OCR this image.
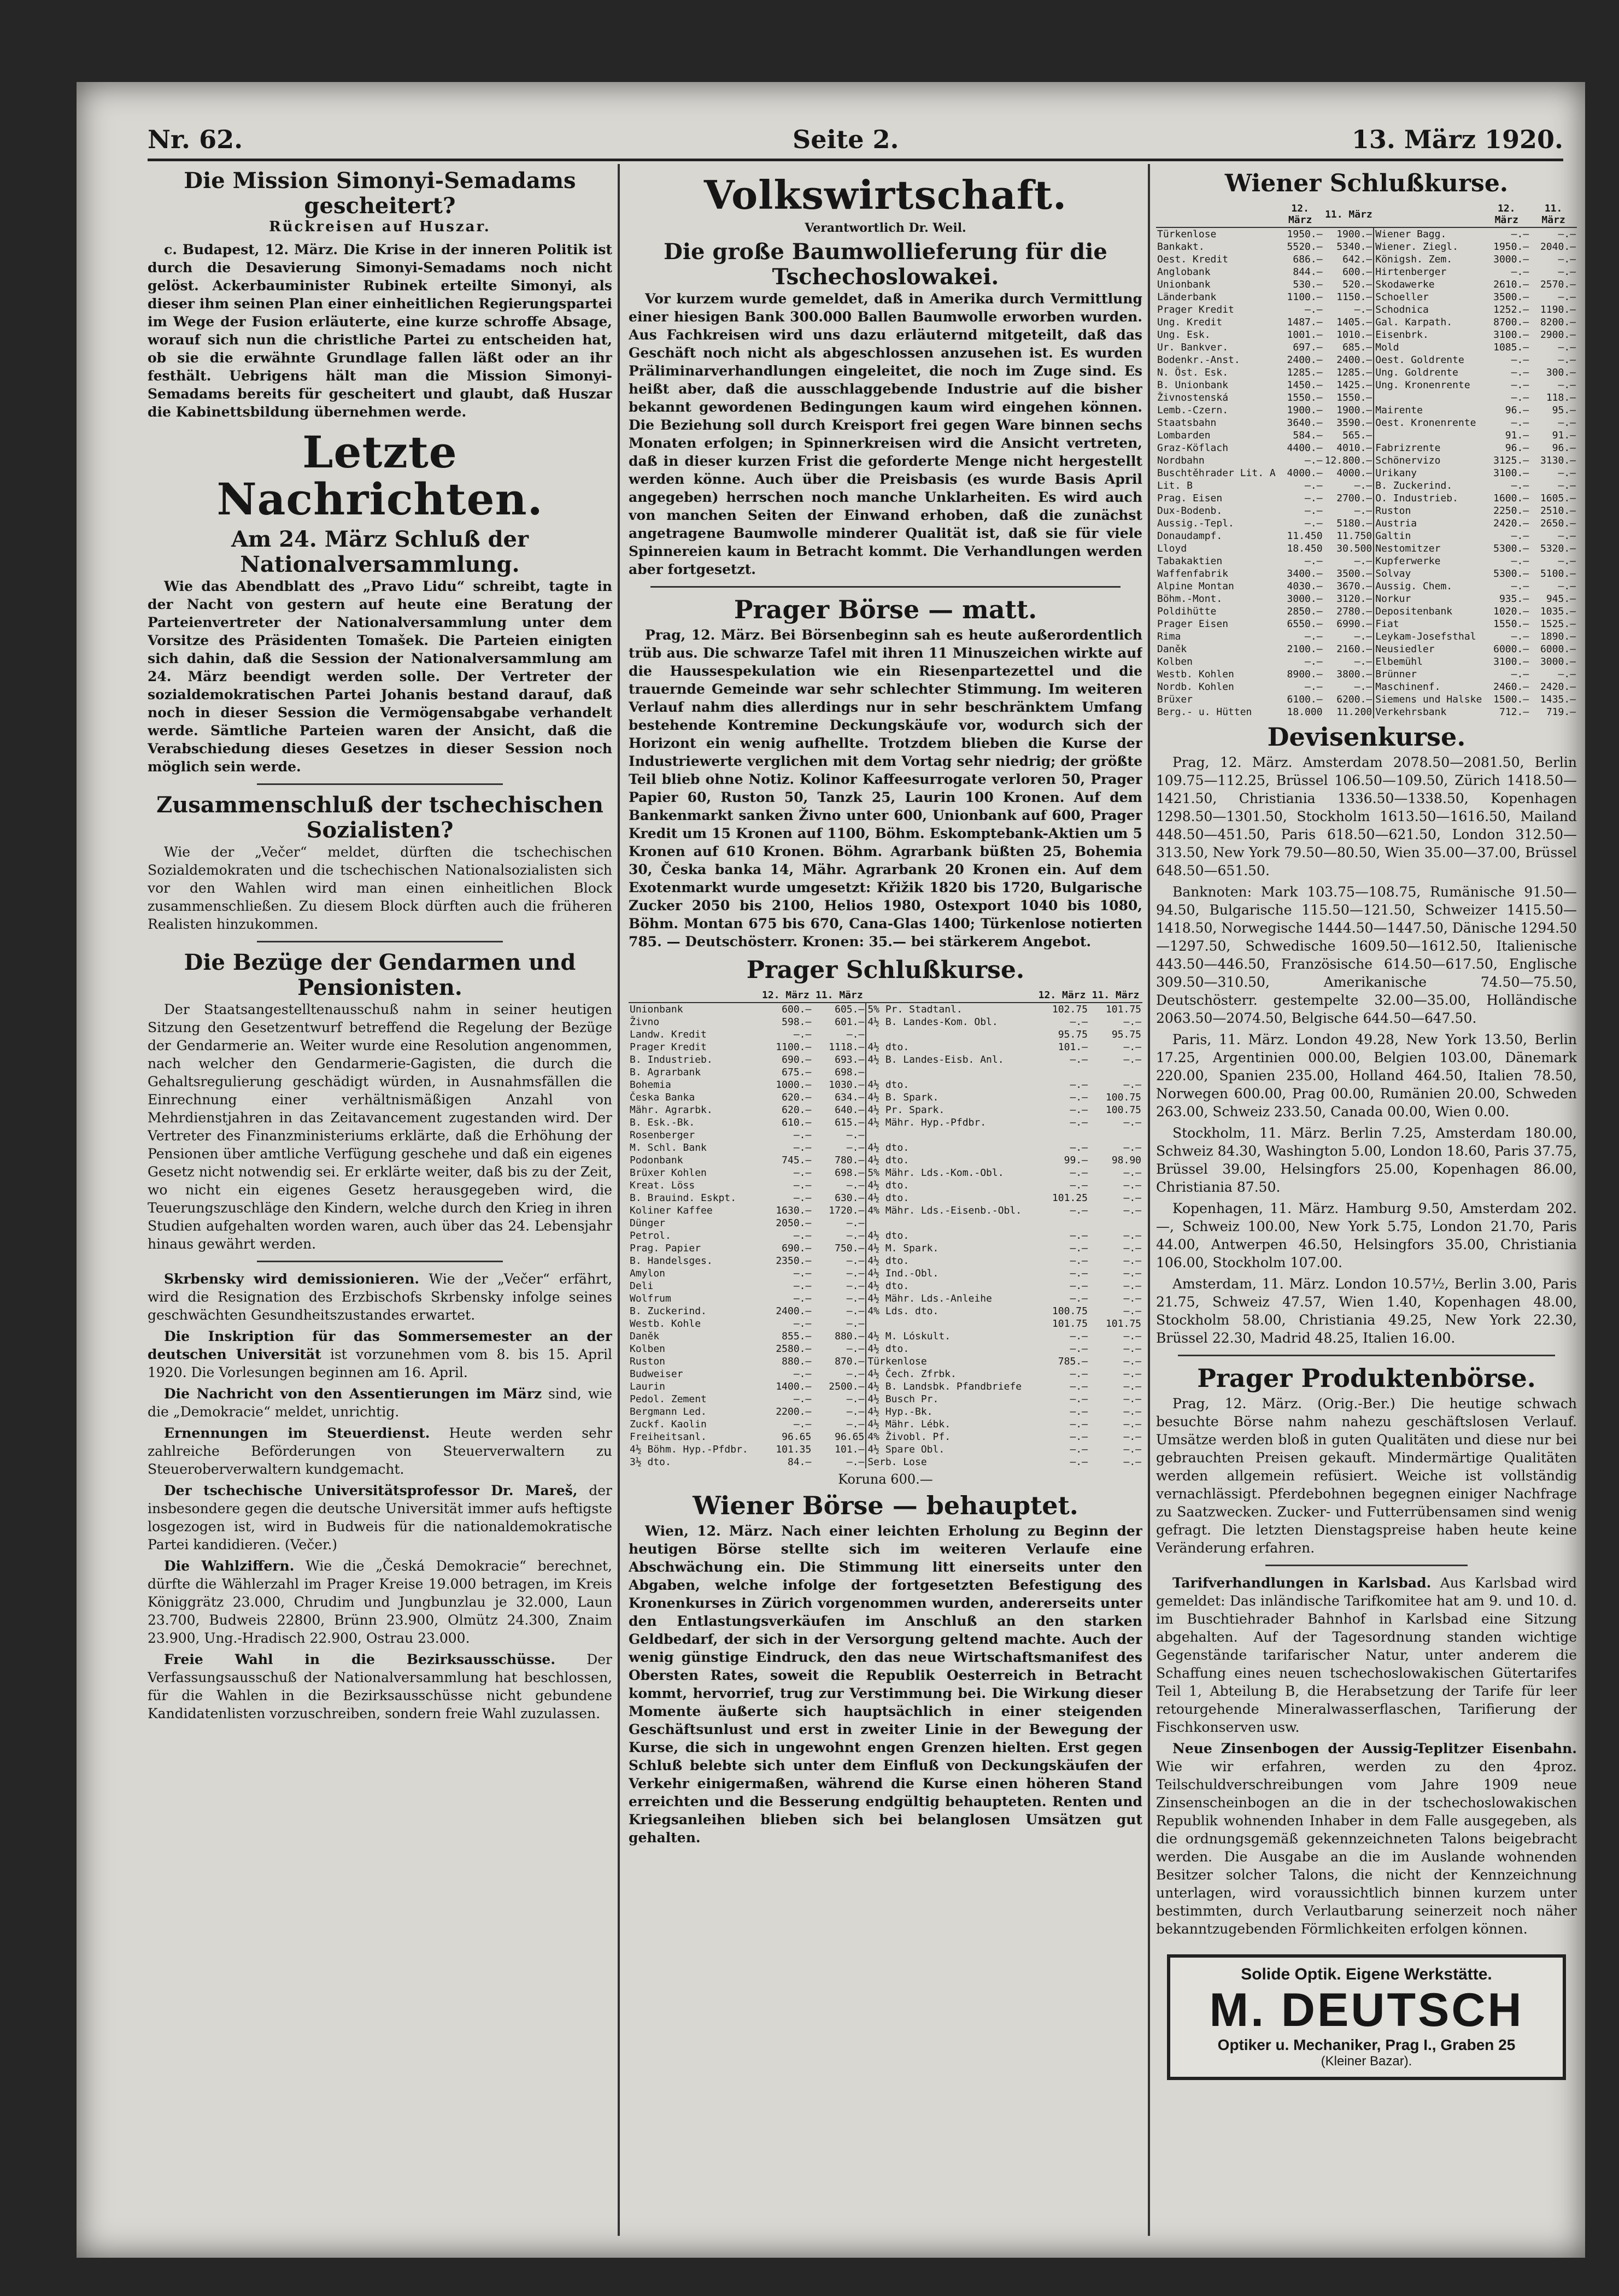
Nr. 62.	Seite 2.	13. März 1920.
Die Mission Simonyi-Semadams gescheitert?
Rückreisen auf Huszar.

c. Budapest, 12. März. Die Krise in der inneren Politik ist durch die Desavierung Simonyi-Semadams noch nicht gelöst. Ackerbauminister Rubinek erteilte Simonyi, als dieser ihm seinen Plan einer einheitlichen Regierungspartei im Wege der Fusion erläuterte, eine kurze schroffe Absage, worauf sich nun die christliche Partei zu entscheiden hat, ob sie die erwähnte Grundlage fallen läßt oder an ihr festhält. Uebrigens hält man die Mission Simonyi-Semadams bereits für gescheitert und glaubt, daß Huszar die Kabinettsbildung übernehmen werde.

Letzte Nachrichten.
Am 24. März Schluß der Nationalversammlung.

Wie das Abendblatt des „Pravo Lidu“ schreibt, tagte in der Nacht von gestern auf heute eine Beratung der Parteienvertreter der Nationalversammlung unter dem Vorsitze des Präsidenten Tomašek. Die Parteien einigten sich dahin, daß die Session der Nationalversammlung am 24. März beendigt werden solle. Der Vertreter der sozialdemokratischen Partei Johanis bestand darauf, daß noch in dieser Session die Vermögensabgabe verhandelt werde. Sämtliche Parteien waren der Ansicht, daß die Verabschiedung dieses Gesetzes in dieser Session noch möglich sein werde.

Zusammenschluß der tschechischen Sozialisten?

Wie der „Večer“ meldet, dürften die tschechischen Sozialdemokraten und die tschechischen Nationalsozialisten sich vor den Wahlen wird man einen einheitlichen Block zusammenschließen. Zu diesem Block dürften auch die früheren Realisten hinzukommen.

Die Bezüge der Gendarmen und Pensionisten.

Der Staatsangestelltenausschuß nahm in seiner heutigen Sitzung den Gesetzentwurf betreffend die Regelung der Bezüge der Gendarmerie an. Weiter wurde eine Resolution angenommen, nach welcher den Gendarmerie-Gagisten, die durch die Gehaltsregulierung geschädigt würden, in Ausnahmsfällen die Einrechnung einer verhältnismäßigen Anzahl von Mehrdienstjahren in das Zeitavancement zugestanden wird. Der Vertreter des Finanzministeriums erklärte, daß die Erhöhung der Pensionen über amtliche Verfügung geschehe und daß ein eigenes Gesetz nicht notwendig sei. Er erklärte weiter, daß bis zu der Zeit, wo nicht ein eigenes Gesetz herausgegeben wird, die Teuerungszuschläge den Kindern, welche durch den Krieg in ihren Studien aufgehalten worden waren, auch über das 24. Lebensjahr hinaus gewährt werden.

Skrbensky wird demissionieren. Wie der „Večer“ erfährt, wird die Resignation des Erzbischofs Skrbensky infolge seines geschwächten Gesundheitszustandes erwartet.

Die Inskription für das Sommersemester an der deutschen Universität ist vorzunehmen vom 8. bis 15. April 1920. Die Vorlesungen beginnen am 16. April.

Die Nachricht von den Assentierungen im März sind, wie die „Demokracie“ meldet, unrichtig.

Ernennungen im Steuerdienst. Heute werden sehr zahlreiche Beförderungen von Steuerverwaltern zu Steueroberverwaltern kundgemacht.

Der tschechische Universitätsprofessor Dr. Mareš, der insbesondere gegen die deutsche Universität immer aufs heftigste losgezogen ist, wird in Budweis für die nationaldemokratische Partei kandidieren. (Večer.)

Die Wahlziffern. Wie die „Česká Demokracie“ berechnet, dürfte die Wählerzahl im Prager Kreise 19.000 betragen, im Kreis Königgrätz 23.000, Chrudim und Jungbunzlau je 32.000, Laun 23.700, Budweis 22800, Brünn 23.900, Olmütz 24.300, Znaim 23.900, Ung.-Hradisch 22.900, Ostrau 23.000.

Freie Wahl in die Bezirksausschüsse. Der Verfassungsausschuß der Nationalversammlung hat beschlossen, für die Wahlen in die Bezirksausschüsse nicht gebundene Kandidatenlisten vorzuschreiben, sondern freie Wahl zuzulassen.

Volkswirtschaft.
Verantwortlich Dr. Weil.
Die große Baumwollieferung für die Tschechoslowakei.

Vor kurzem wurde gemeldet, daß in Amerika durch Vermittlung einer hiesigen Bank 300.000 Ballen Baumwolle erworben wurden. Aus Fachkreisen wird uns dazu erläuternd mitgeteilt, daß das Geschäft noch nicht als abgeschlossen anzusehen ist. Es wurden Präliminarverhandlungen eingeleitet, die noch im Zuge sind. Es heißt aber, daß die ausschlaggebende Industrie auf die bisher bekannt gewordenen Bedingungen kaum wird eingehen können. Die Beziehung soll durch Kreisport frei gegen Ware binnen sechs Monaten erfolgen; in Spinnerkreisen wird die Ansicht vertreten, daß in dieser kurzen Frist die geforderte Menge nicht hergestellt werden könne. Auch über die Preisbasis (es wurde Basis April angegeben) herrschen noch manche Unklarheiten. Es wird auch von manchen Seiten der Einwand erhoben, daß die zunächst angetragene Baumwolle minderer Qualität ist, daß sie für viele Spinnereien kaum in Betracht kommt. Die Verhandlungen werden aber fortgesetzt.

Prager Börse — matt.

Prag, 12. März. Bei Börsenbeginn sah es heute außerordentlich trüb aus. Die schwarze Tafel mit ihren 11 Minuszeichen wirkte auf die Haussespekulation wie ein Riesenpartezettel und die trauernde Gemeinde war sehr schlechter Stimmung. Im weiteren Verlauf nahm dies allerdings nur in sehr beschränktem Umfang bestehende Kontremine Deckungskäufe vor, wodurch sich der Horizont ein wenig aufhellte. Trotzdem blieben die Kurse der Industriewerte verglichen mit dem Vortag sehr niedrig; der größte Teil blieb ohne Notiz. Kolinor Kaffeesurrogate verloren 50, Prager Papier 60, Ruston 50, Tanzk 25, Laurin 100 Kronen. Auf dem Bankenmarkt sanken Živno unter 600, Unionbank auf 600, Prager Kredit um 15 Kronen auf 1100, Böhm. Eskomptebank-Aktien um 5 Kronen auf 610 Kronen. Böhm. Agrarbank büßten 25, Bohemia 30, Česka banka 14, Mähr. Agrarbank 20 Kronen ein. Auf dem Exotenmarkt wurde umgesetzt: Křižik 1820 bis 1720, Bulgarische Zucker 2050 bis 2100, Helios 1980, Ostexport 1040 bis 1080, Böhm. Montan 675 bis 670, Cana-Glas 1400; Türkenlose notierten 785. — Deutschösterr. Kronen: 35.— bei stärkerem Angebot.

Prager Schlußkurse.
	12. März	11. März		12. März	11. März
Unionbank	600.—	605.—	5% Pr. Stadtanl.	102.75	101.75
Živno	598.—	601.—	4½ B. Landes-Kom. Obl.	—.—	—.—
Landw. Kredit	—.—	—.—		95.75	95.75
Prager Kredit	1100.—	1118.—	4½ dto.	101.—	—.—
B. Industrieb.	690.—	693.—	4½ B. Landes-Eisb. Anl.	—.—	—.—
B. Agrarbank	675.—	698.—			
Bohemia	1000.—	1030.—	4½ dto.	—.—	—.—
Česka Banka	620.—	634.—	4½ B. Spark.	—.—	100.75
Mähr. Agrarbk.	620.—	640.—	4½ Pr. Spark.	—.—	100.75
B. Esk.-Bk.	610.—	615.—	4½ Mähr. Hyp.-Pfdbr.	—.—	—.—
Rosenberger	—.—	—.—			
M. Schl. Bank	—.—	—.—	4½ dto.	—.—	—.—
Podonbank	745.—	780.—	4½ dto.	99.—	98.90
Brüxer Kohlen	—.—	698.—	5% Mähr. Lds.-Kom.-Obl.	—.—	—.—
Kreat. Löss	—.—	—.—	4½ dto.	—.—	—.—
B. Brauind. Eskpt.	—.—	630.—	4½ dto.	101.25	—.—
Koliner Kaffee	1630.—	1720.—	4% Mähr. Lds.-Eisenb.-Obl.	—.—	—.—
Dünger	2050.—	—.—			
Petrol.	—.—	—.—	4½ dto.	—.—	—.—
Prag. Papier	690.—	750.—	4½ M. Spark.	—.—	—.—
B. Handelsges.	2350.—	—.—	4½ dto.	—.—	—.—
Amylon	—.—	—.—	4½ Ind.-Obl.	—.—	—.—
Deli	—.—	—.—	4½ dto.	—.—	—.—
Wolfrum	—.—	—.—	4½ Mähr. Lds.-Anleihe	—.—	—.—
B. Zuckerind.	2400.—	—.—	4% Lds. dto.	100.75	—.—
Westb. Kohle	—.—	—.—		101.75	101.75
Daněk	855.—	880.—	4½ M. Lóskult.	—.—	—.—
Kolben	2580.—	—.—	4½ dto.	—.—	—.—
Ruston	880.—	870.—	Türkenlose	785.—	—.—
Budweiser	—.—	—.—	4½ Čech. Zfrbk.	—.—	—.—
Laurin	1400.—	2500.—	4½ B. Landsbk. Pfandbriefe	—.—	—.—
Pedol. Zement	—.—	—.—	4½ Busch Pr.	—.—	—.—
Bergmann Led.	2200.—	—.—	4½ Hyp.-Bk.	—.—	—.—
Zuckf. Kaolin	—.—	—.—	4½ Mähr. Lébk.	—.—	—.—
Freiheitsanl.	96.65	96.65	4% Živobl. Pf.	—.—	—.—
4½ Böhm. Hyp.-Pfdbr.	101.35	101.—	4½ Spare Obl.	—.—	—.—
3½ dto.	84.—	—.—	Serb. Lose	—.—	—.—
Koruna 600.—
Wiener Börse — behauptet.

Wien, 12. März. Nach einer leichten Erholung zu Beginn der heutigen Börse stellte sich im weiteren Verlaufe eine Abschwächung ein. Die Stimmung litt einerseits unter den Abgaben, welche infolge der fortgesetzten Befestigung des Kronenkurses in Zürich vorgenommen wurden, andererseits unter den Entlastungsverkäufen im Anschluß an den starken Geldbedarf, der sich in der Versorgung geltend machte. Auch der wenig günstige Eindruck, den das neue Wirtschaftsmanifest des Obersten Rates, soweit die Republik Oesterreich in Betracht kommt, hervorrief, trug zur Verstimmung bei. Die Wirkung dieser Momente äußerte sich hauptsächlich in einer steigenden Geschäftsunlust und erst in zweiter Linie in der Bewegung der Kurse, die sich in ungewohnt engen Grenzen hielten. Erst gegen Schluß belebte sich unter dem Einfluß von Deckungskäufen der Verkehr einigermaßen, während die Kurse einen höheren Stand erreichten und die Besserung endgültig behaupteten. Renten und Kriegsanleihen blieben sich bei belanglosen Umsätzen gut gehalten.

Wiener Schlußkurse.
	12. März	11. März		12. März	11. März
Türkenlose	1950.—	1900.—	Wiener Bagg.	—.—	—.—
Bankakt.	5520.—	5340.—	Wiener. Ziegl.	1950.—	2040.—
Oest. Kredit	686.—	642.—	Königsh. Zem.	3000.—	—.—
Anglobank	844.—	600.—	Hirtenberger	—.—	—.—
Unionbank	530.—	520.—	Skodawerke	2610.—	2570.—
Länderbank	1100.—	1150.—	Schoeller	3500.—	—.—
Prager Kredit	—.—	—.—	Schodnica	1252.—	1190.—
Ung. Kredit	1487.—	1405.—	Gal. Karpath.	8700.—	8200.—
Ung. Esk.	1001.—	1010.—	Eisenbrk.	3100.—	2900.—
Ur. Bankver.	697.—	685.—	Mold	1085.—	—.—
Bodenkr.-Anst.	2400.—	2400.—	Oest. Goldrente	—.—	—.—
N. Öst. Esk.	1285.—	1285.—	Ung. Goldrente	—.—	300.—
B. Unionbank	1450.—	1425.—	Ung. Kronenrente	—.—	—.—
Živnostenská	1550.—	1550.—		—.—	118.—
Lemb.-Czern.	1900.—	1900.—	Mairente	96.—	95.—
Staatsbahn	3640.—	3590.—	Oest. Kronenrente	—.—	—.—
Lombarden	584.—	565.—		91.—	91.—
Graz-Köflach	4400.—	4010.—	Fabrizrente	96.—	96.—
Nordbahn	—.—	12.800.—	Schönervizo	3125.—	3130.—
Buschtěhrader Lit. A	4000.—	4000.—	Urikany	3100.—	—.—
Lit. B	—.—	—.—	B. Zuckerind.	—.—	—.—
Prag. Eisen	—.—	2700.—	O. Industrieb.	1600.—	1605.—
Dux-Bodenb.	—.—	—.—	Ruston	2250.—	2510.—
Aussig.-Tepl.	—.—	5180.—	Austria	2420.—	2650.—
Donaudampf.	11.450	11.750	Galtin	—.—	—.—
Lloyd	18.450	30.500	Nestomitzer	5300.—	5320.—
Tabakaktien	—.—	—.—	Kupferwerke	—.—	—.—
Waffenfabrik	3400.—	3500.—	Solvay	5300.—	5100.—
Alpine Montan	4030.—	3670.—	Aussig. Chem.	—.—	—.—
Böhm.-Mont.	3000.—	3120.—	Norkur	935.—	945.—
Poldihütte	2850.—	2780.—	Depositenbank	1020.—	1035.—
Prager Eisen	6550.—	6990.—	Fiat	1550.—	1525.—
Rima	—.—	—.—	Leykam-Josefsthal	—.—	1890.—
Daněk	2100.—	2160.—	Neusiedler	6000.—	6000.—
Kolben	—.—	—.—	Elbemühl	3100.—	3000.—
Westb. Kohlen	8900.—	3800.—	Brünner	—.—	—.—
Nordb. Kohlen	—.—	—.—	Maschinenf.	2460.—	2420.—
Brüxer	6100.—	6200.—	Siemens und Halske	1500.—	1435.—
Berg.- u. Hütten	18.000	11.200	Verkehrsbank	712.—	719.—
Devisenkurse.

Prag, 12. März. Amsterdam 2078.50—2081.50, Berlin 109.75—112.25, Brüssel 106.50—109.50, Zürich 1418.50—1421.50, Christiania 1336.50—1338.50, Kopenhagen 1298.50—1301.50, Stockholm 1613.50—1616.50, Mailand 448.50—451.50, Paris 618.50—621.50, London 312.50—313.50, New York 79.50—80.50, Wien 35.00—37.00, Brüssel 648.50—651.50.

Banknoten: Mark 103.75—108.75, Rumänische 91.50—94.50, Bulgarische 115.50—121.50, Schweizer 1415.50—1418.50, Norwegische 1444.50—1447.50, Dänische 1294.50—1297.50, Schwedische 1609.50—1612.50, Italienische 443.50—446.50, Französische 614.50—617.50, Englische 309.50—310.50, Amerikanische 74.50—75.50, Deutschösterr. gestempelte 32.00—35.00, Holländische 2063.50—2074.50, Belgische 644.50—647.50.

Paris, 11. März. London 49.28, New York 13.50, Berlin 17.25, Argentinien 000.00, Belgien 103.00, Dänemark 220.00, Spanien 235.00, Holland 464.50, Italien 78.50, Norwegen 600.00, Prag 00.00, Rumänien 20.00, Schweden 263.00, Schweiz 233.50, Canada 00.00, Wien 0.00.

Stockholm, 11. März. Berlin 7.25, Amsterdam 180.00, Schweiz 84.30, Washington 5.00, London 18.60, Paris 37.75, Brüssel 39.00, Helsingfors 25.00, Kopenhagen 86.00, Christiania 87.50.

Kopenhagen, 11. März. Hamburg 9.50, Amsterdam 202.—, Schweiz 100.00, New York 5.75, London 21.70, Paris 44.00, Antwerpen 46.50, Helsingfors 35.00, Christiania 106.00, Stockholm 107.00.

Amsterdam, 11. März. London 10.57½, Berlin 3.00, Paris 21.75, Schweiz 47.57, Wien 1.40, Kopenhagen 48.00, Stockholm 58.00, Christiania 49.25, New York 22.30, Brüssel 22.30, Madrid 48.25, Italien 16.00.

Prager Produktenbörse.

Prag, 12. März. (Orig.-Ber.) Die heutige schwach besuchte Börse nahm nahezu geschäftslosen Verlauf. Umsätze werden bloß in guten Qualitäten und diese nur bei gebrauchten Preisen gekauft. Mindermärtige Qualitäten werden allgemein refüsiert. Weiche ist vollständig vernachlässigt. Pferdebohnen begegnen einiger Nachfrage zu Saatzwecken. Zucker- und Futterrübensamen sind wenig gefragt. Die letzten Dienstagspreise haben heute keine Veränderung erfahren.

Tarifverhandlungen in Karlsbad. Aus Karlsbad wird gemeldet: Das inländische Tarifkomitee hat am 9. und 10. d. im Buschtiehrader Bahnhof in Karlsbad eine Sitzung abgehalten. Auf der Tagesordnung standen wichtige Gegenstände tarifarischer Natur, unter anderem die Schaffung eines neuen tschechoslowakischen Gütertarifes Teil 1, Abteilung B, die Herabsetzung der Tarife für leer retourgehende Mineralwasserflaschen, Tarifierung der Fischkonserven usw.

Neue Zinsenbogen der Aussig-Teplitzer Eisenbahn. Wie wir erfahren, werden zu den 4proz. Teilschuldverschreibungen vom Jahre 1909 neue Zinsenscheinbogen an die in der tschechoslowakischen Republik wohnenden Inhaber in dem Falle ausgegeben, als die ordnungsgemäß gekennzeichneten Talons beigebracht werden. Die Ausgabe an die im Auslande wohnenden Besitzer solcher Talons, die nicht der Kennzeichnung unterlagen, wird voraussichtlich binnen kurzem unter bestimmten, durch Verlautbarung seinerzeit noch näher bekanntzugebenden Förmlichkeiten erfolgen können.

Solide Optik. Eigene Werkstätte.
M. DEUTSCH
Optiker u. Mechaniker, Prag I., Graben 25
(Kleiner Bazar).
